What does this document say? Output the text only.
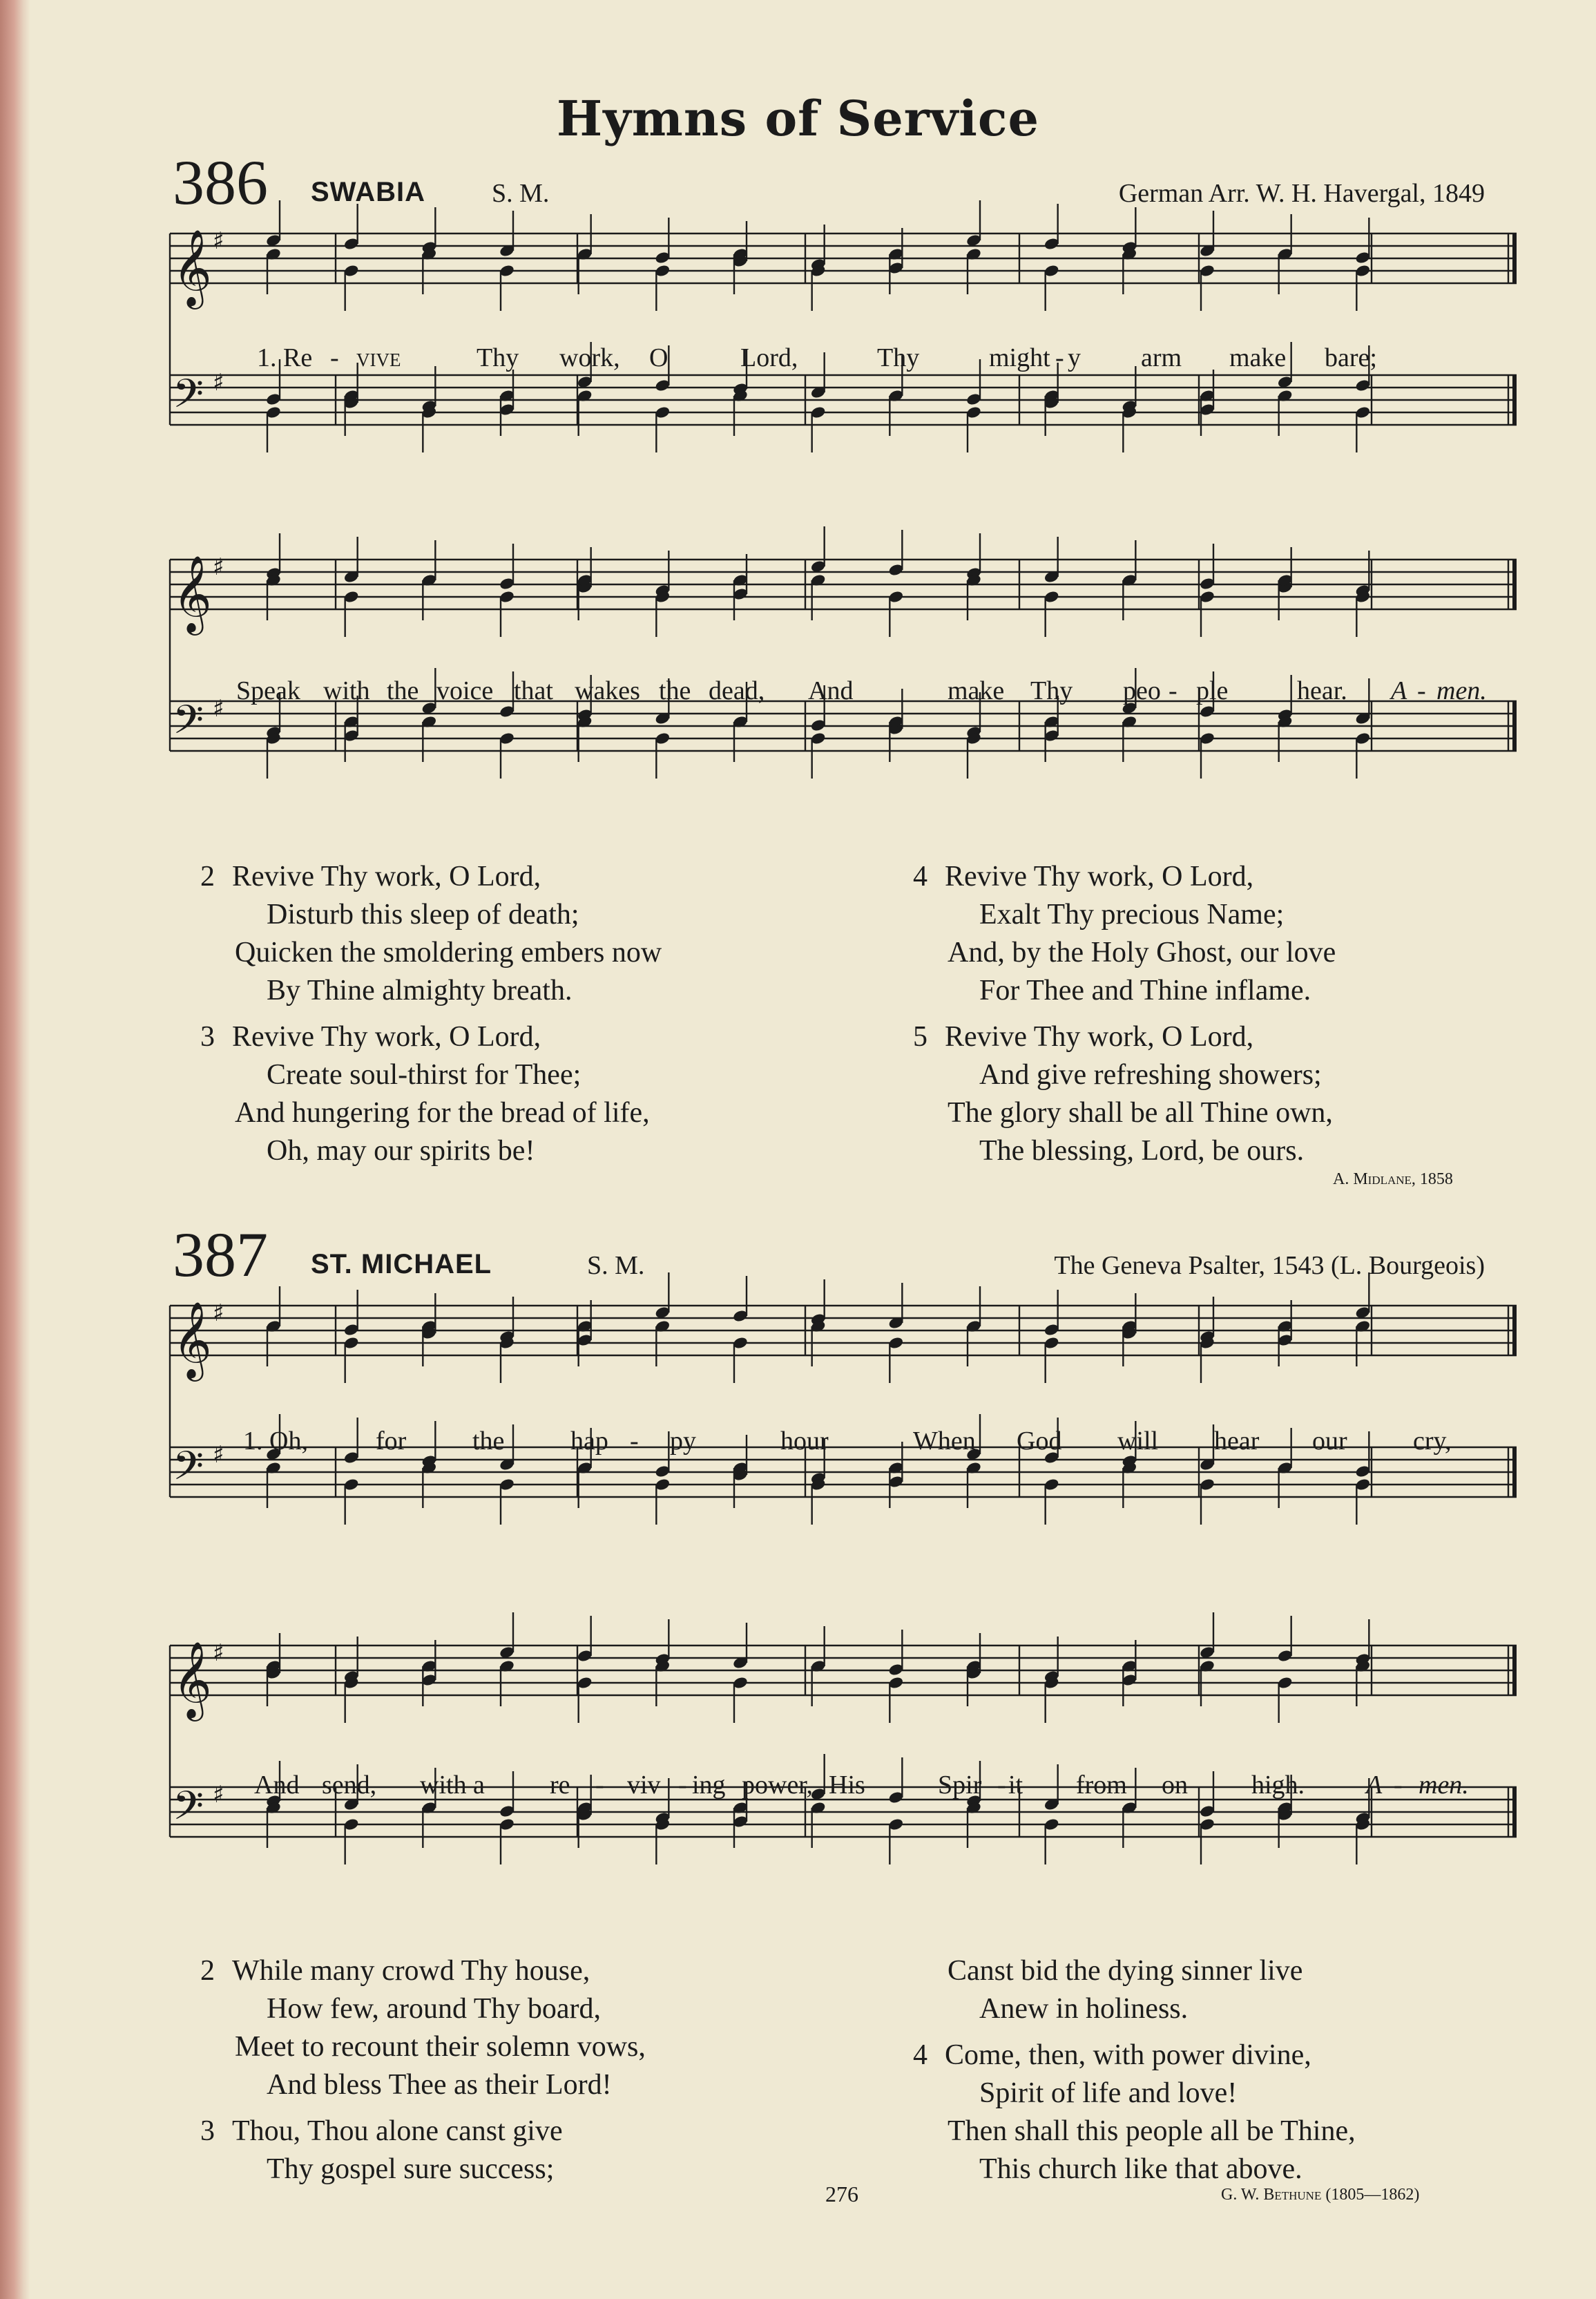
Hymns of Service
386 SWABIA	S. M.	German Arr. W. H. Havergal, 1849
𝄞 ♯
𝄢 ♯
1. Re - vive	Thy work, O	Lord,	Thy	might - y arm make bare;
𝄞 ♯
𝄢 ♯
Speak with the voice that wakes the dead, And	make Thy peo - ple	hear. A - men.
2 Revive Thy work, O Lord,
Disturb this sleep of death;
Quicken the smoldering embers now
By Thine almighty breath.
3 Revive Thy work, O Lord,
Create soul-thirst for Thee;
And hungering for the bread of life,
Oh, may our spirits be!
4 Revive Thy work, O Lord,
Exalt Thy precious Name;
And, by the Holy Ghost, our love
For Thee and Thine inflame.
5 Revive Thy work, O Lord,
And give refreshing showers;
The glory shall be all Thine own,
The blessing, Lord, be ours.
A. Midlane, 1858
387 ST. MICHAEL	S. M.	The Geneva Psalter, 1543 (L. Bourgeois)
𝄞 ♯
𝄢 ♯ 1. Oh,	for	the	hap - py	hour	When God will hear our	cry,
𝄞 ♯
𝄢 ♯ And send, with a re - viv - ing power, His	Spir - it from on high. A - men.
2 While many crowd Thy house,
How few, around Thy board,
Meet to recount their solemn vows,
And bless Thee as their Lord!
3 Thou, Thou alone canst give
Thy gospel sure success;
Canst bid the dying sinner live
Anew in holiness.
4 Come, then, with power divine,
Spirit of life and love!
Then shall this people all be Thine,
This church like that above.
G. W. Bethune (1805—1862)
276
